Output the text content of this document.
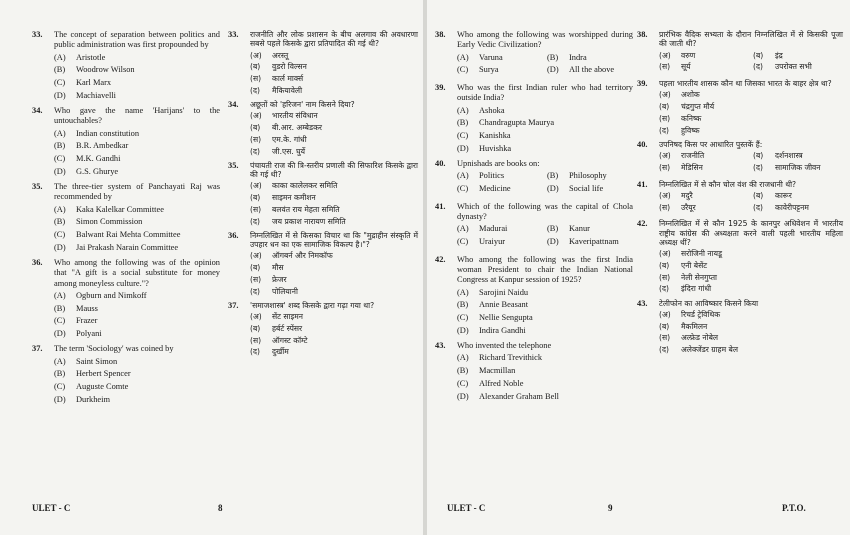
33. The concept of separation between politics and public administration was first propounded by
(A)	Aristotle
(B)	Woodrow Wilson
(C)	Karl Marx
(D)	Machiavelli
34. Who gave the name 'Harijans' to the untouchables?
(A)	Indian constitution
(B)	B.R. Ambedkar
(C)	M.K. Gandhi
(D)	G.S. Ghurye
35. The three-tier system of Panchayati Raj was recommended by
(A)	Kaka Kalelkar Committee
(B)	Simon Commission
(C)	Balwant Rai Mehta Committee
(D)	Jai Prakash Narain Committee
36. Who among the following was of the opinion that "A gift is a social substitute for money among moneyless culture."?
(A)	Ogburn and Nimkoff
(B)	Mauss
(C)	Frazer
(D)	Polyani
37. The term 'Sociology' was coined by
(A)	Saint Simon
(B)	Herbert Spencer
(C)	Auguste Comte
(D)	Durkheim
33. राजनीति और लोक प्रशासन के बीच अलगाव की अवधारणा सबसे पहले किसके द्वारा प्रतिपादित की गई थी?
(अ)	अरस्तू
(ब)	वुडरो विल्सन
(स)	कार्ल मार्क्स
(द)	मैकियावेली
34. अछूतों को 'हरिजन' नाम किसने दिया?
(अ)	भारतीय संविधान
(ब)	बी.आर. अम्बेडकर
(स)	एम.के. गांधी
(द)	जी.एस. घुर्ये
35. पंचायती राज की त्रि-स्तरीय प्रणाली की सिफारिश किसके द्वारा की गई थी?
(अ)	काका कालेलकर समिति
(ब)	साइमन कमीशन
(स)	बलवंत राय मेहता समिति
(द)	जय प्रकाश नारायण समिति
36. निम्नलिखित में से किसका विचार था कि "मुद्राहीन संस्कृति में उपहार धन का एक सामाजिक विकल्प है।"?
(अ)	ऑगबर्न और निमकॉफ
(ब)	मौस
(स)	फ्रेजर
(द)	पोलियानी
37. 'समाजशास्त्र' शब्द किसके द्वारा गढ़ा गया था?
(अ)	सेंट साइमन
(ब)	हर्बर्ट स्पेंसर
(स)	ऑगस्ट कॉम्टे
(द)	दुर्खीम
ULET - C	8
38. Who among the following was worshipped during Early Vedic Civilization?
(A)	Varuna	(B)	Indra
(C)	Surya	(D)	All the above
39. Who was the first Indian ruler who had territory outside India?
(A)	Ashoka
(B)	Chandragupta Maurya
(C)	Kanishka
(D)	Huvishka
40. Upnishads are books on:
(A)	Politics	(B)	Philosophy
(C)	Medicine	(D)	Social life
41. Which of the following was the capital of Chola dynasty?
(A)	Madurai	(B)	Kanur
(C)	Uraiyur	(D)	Kaveripattnam
42. Who among the following was the first India woman President to chair the Indian National Congress at Kanpur session of 1925?
(A)	Sarojini Naidu
(B)	Annie Beasant
(C)	Nellie Sengupta
(D)	Indira Gandhi
43. Who invented the telephone
(A)	Richard Trevithick
(B)	Macmillan
(C)	Alfred Noble
(D)	Alexander Graham Bell
38. प्रारंभिक वैदिक सभ्यता के दौरान निम्नलिखित में से किसकी पूजा की जाती थी?
(अ)	वरुण	(ब)	इंद्र
(स)	सूर्य	(द)	उपरोक्त सभी
39. पहला भारतीय शासक कौन था जिसका भारत के बाहर क्षेत्र था?
(अ)	अशोक
(ब)	चंद्रगुप्त मौर्य
(स)	कनिष्क
(द)	हुविष्क
40. उपनिषद किस पर आधारित पुस्तकें हैं:
(अ)	राजनीति	(ब)	दर्शनशास्त्र
(स)	मेडिसिन	(द)	सामाजिक जीवन
41. निम्नलिखित में से कौन चोल वंश की राजधानी थी?
(अ)	मदुरै	(ब)	कारूर
(स)	उरैयूर	(द)	कावेरीपट्टनम
42. निम्नलिखित में से कौन 1925 के कानपुर अधिवेशन में भारतीय राष्ट्रीय कांग्रेस की अध्यक्षता करने वाली पहली भारतीय महिला अध्यक्ष थीं?
(अ)	सरोजिनी नायडू
(ब)	एनी बेसेंट
(स)	नेली सेनगुप्ता
(द)	इंदिरा गांधी
43. टेलीफोन का आविष्कार किसने किया
(अ)	रिचर्ड ट्रेविथिक
(ब)	मैकमिलन
(स)	अल्फ्रेड नोबेल
(द)	अलेक्जेंडर ग्राहम बेल
ULET - C	9	P.T.O.
